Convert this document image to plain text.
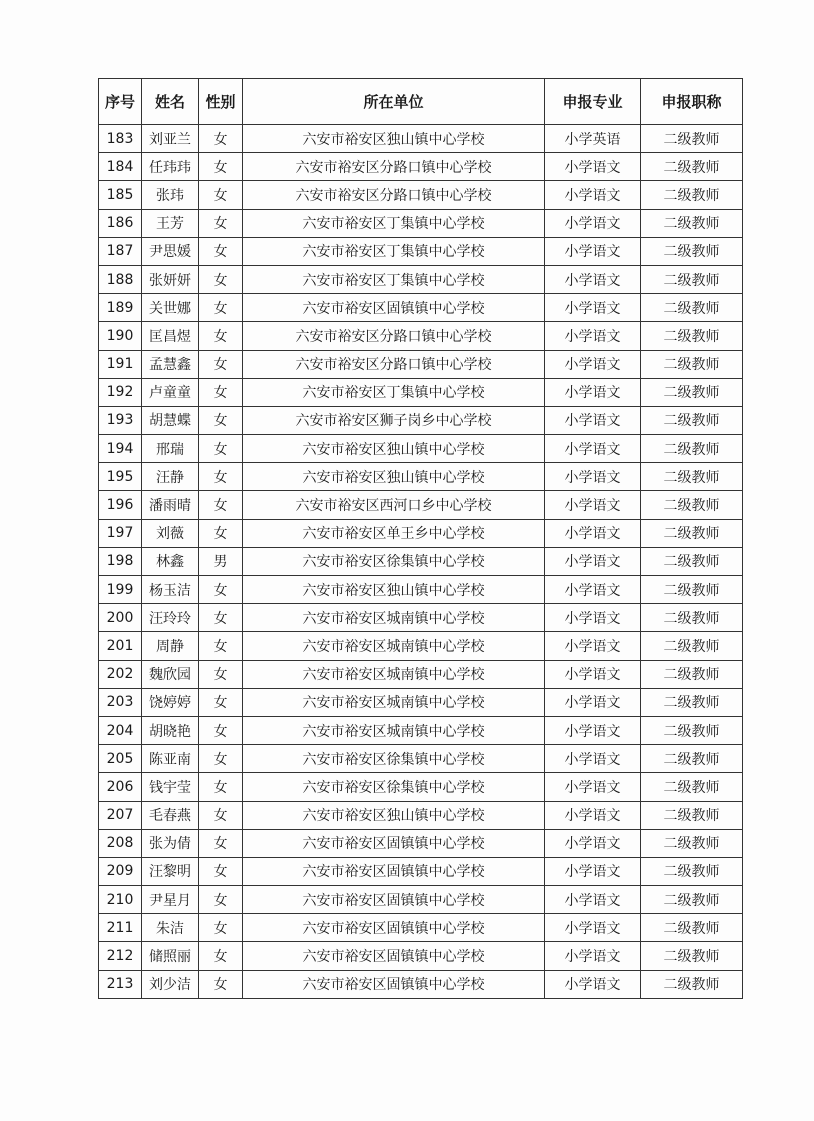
序号	姓名	性别	所在单位	申报专业	申报职称
183	刘亚兰	女	六安市裕安区独山镇中心学校	小学英语	二级教师
184	任玮玮	女	六安市裕安区分路口镇中心学校	小学语文	二级教师
185	张玮	女	六安市裕安区分路口镇中心学校	小学语文	二级教师
186	王芳	女	六安市裕安区丁集镇中心学校	小学语文	二级教师
187	尹思媛	女	六安市裕安区丁集镇中心学校	小学语文	二级教师
188	张妍妍	女	六安市裕安区丁集镇中心学校	小学语文	二级教师
189	关世娜	女	六安市裕安区固镇镇中心学校	小学语文	二级教师
190	匡昌煜	女	六安市裕安区分路口镇中心学校	小学语文	二级教师
191	孟慧鑫	女	六安市裕安区分路口镇中心学校	小学语文	二级教师
192	卢童童	女	六安市裕安区丁集镇中心学校	小学语文	二级教师
193	胡慧蝶	女	六安市裕安区狮子岗乡中心学校	小学语文	二级教师
194	邢瑞	女	六安市裕安区独山镇中心学校	小学语文	二级教师
195	汪静	女	六安市裕安区独山镇中心学校	小学语文	二级教师
196	潘雨晴	女	六安市裕安区西河口乡中心学校	小学语文	二级教师
197	刘薇	女	六安市裕安区单王乡中心学校	小学语文	二级教师
198	林鑫	男	六安市裕安区徐集镇中心学校	小学语文	二级教师
199	杨玉洁	女	六安市裕安区独山镇中心学校	小学语文	二级教师
200	汪玲玲	女	六安市裕安区城南镇中心学校	小学语文	二级教师
201	周静	女	六安市裕安区城南镇中心学校	小学语文	二级教师
202	魏欣园	女	六安市裕安区城南镇中心学校	小学语文	二级教师
203	饶婷婷	女	六安市裕安区城南镇中心学校	小学语文	二级教师
204	胡晓艳	女	六安市裕安区城南镇中心学校	小学语文	二级教师
205	陈亚南	女	六安市裕安区徐集镇中心学校	小学语文	二级教师
206	钱宇莹	女	六安市裕安区徐集镇中心学校	小学语文	二级教师
207	毛春燕	女	六安市裕安区独山镇中心学校	小学语文	二级教师
208	张为倩	女	六安市裕安区固镇镇中心学校	小学语文	二级教师
209	汪黎明	女	六安市裕安区固镇镇中心学校	小学语文	二级教师
210	尹星月	女	六安市裕安区固镇镇中心学校	小学语文	二级教师
211	朱洁	女	六安市裕安区固镇镇中心学校	小学语文	二级教师
212	储照丽	女	六安市裕安区固镇镇中心学校	小学语文	二级教师
213	刘少洁	女	六安市裕安区固镇镇中心学校	小学语文	二级教师
